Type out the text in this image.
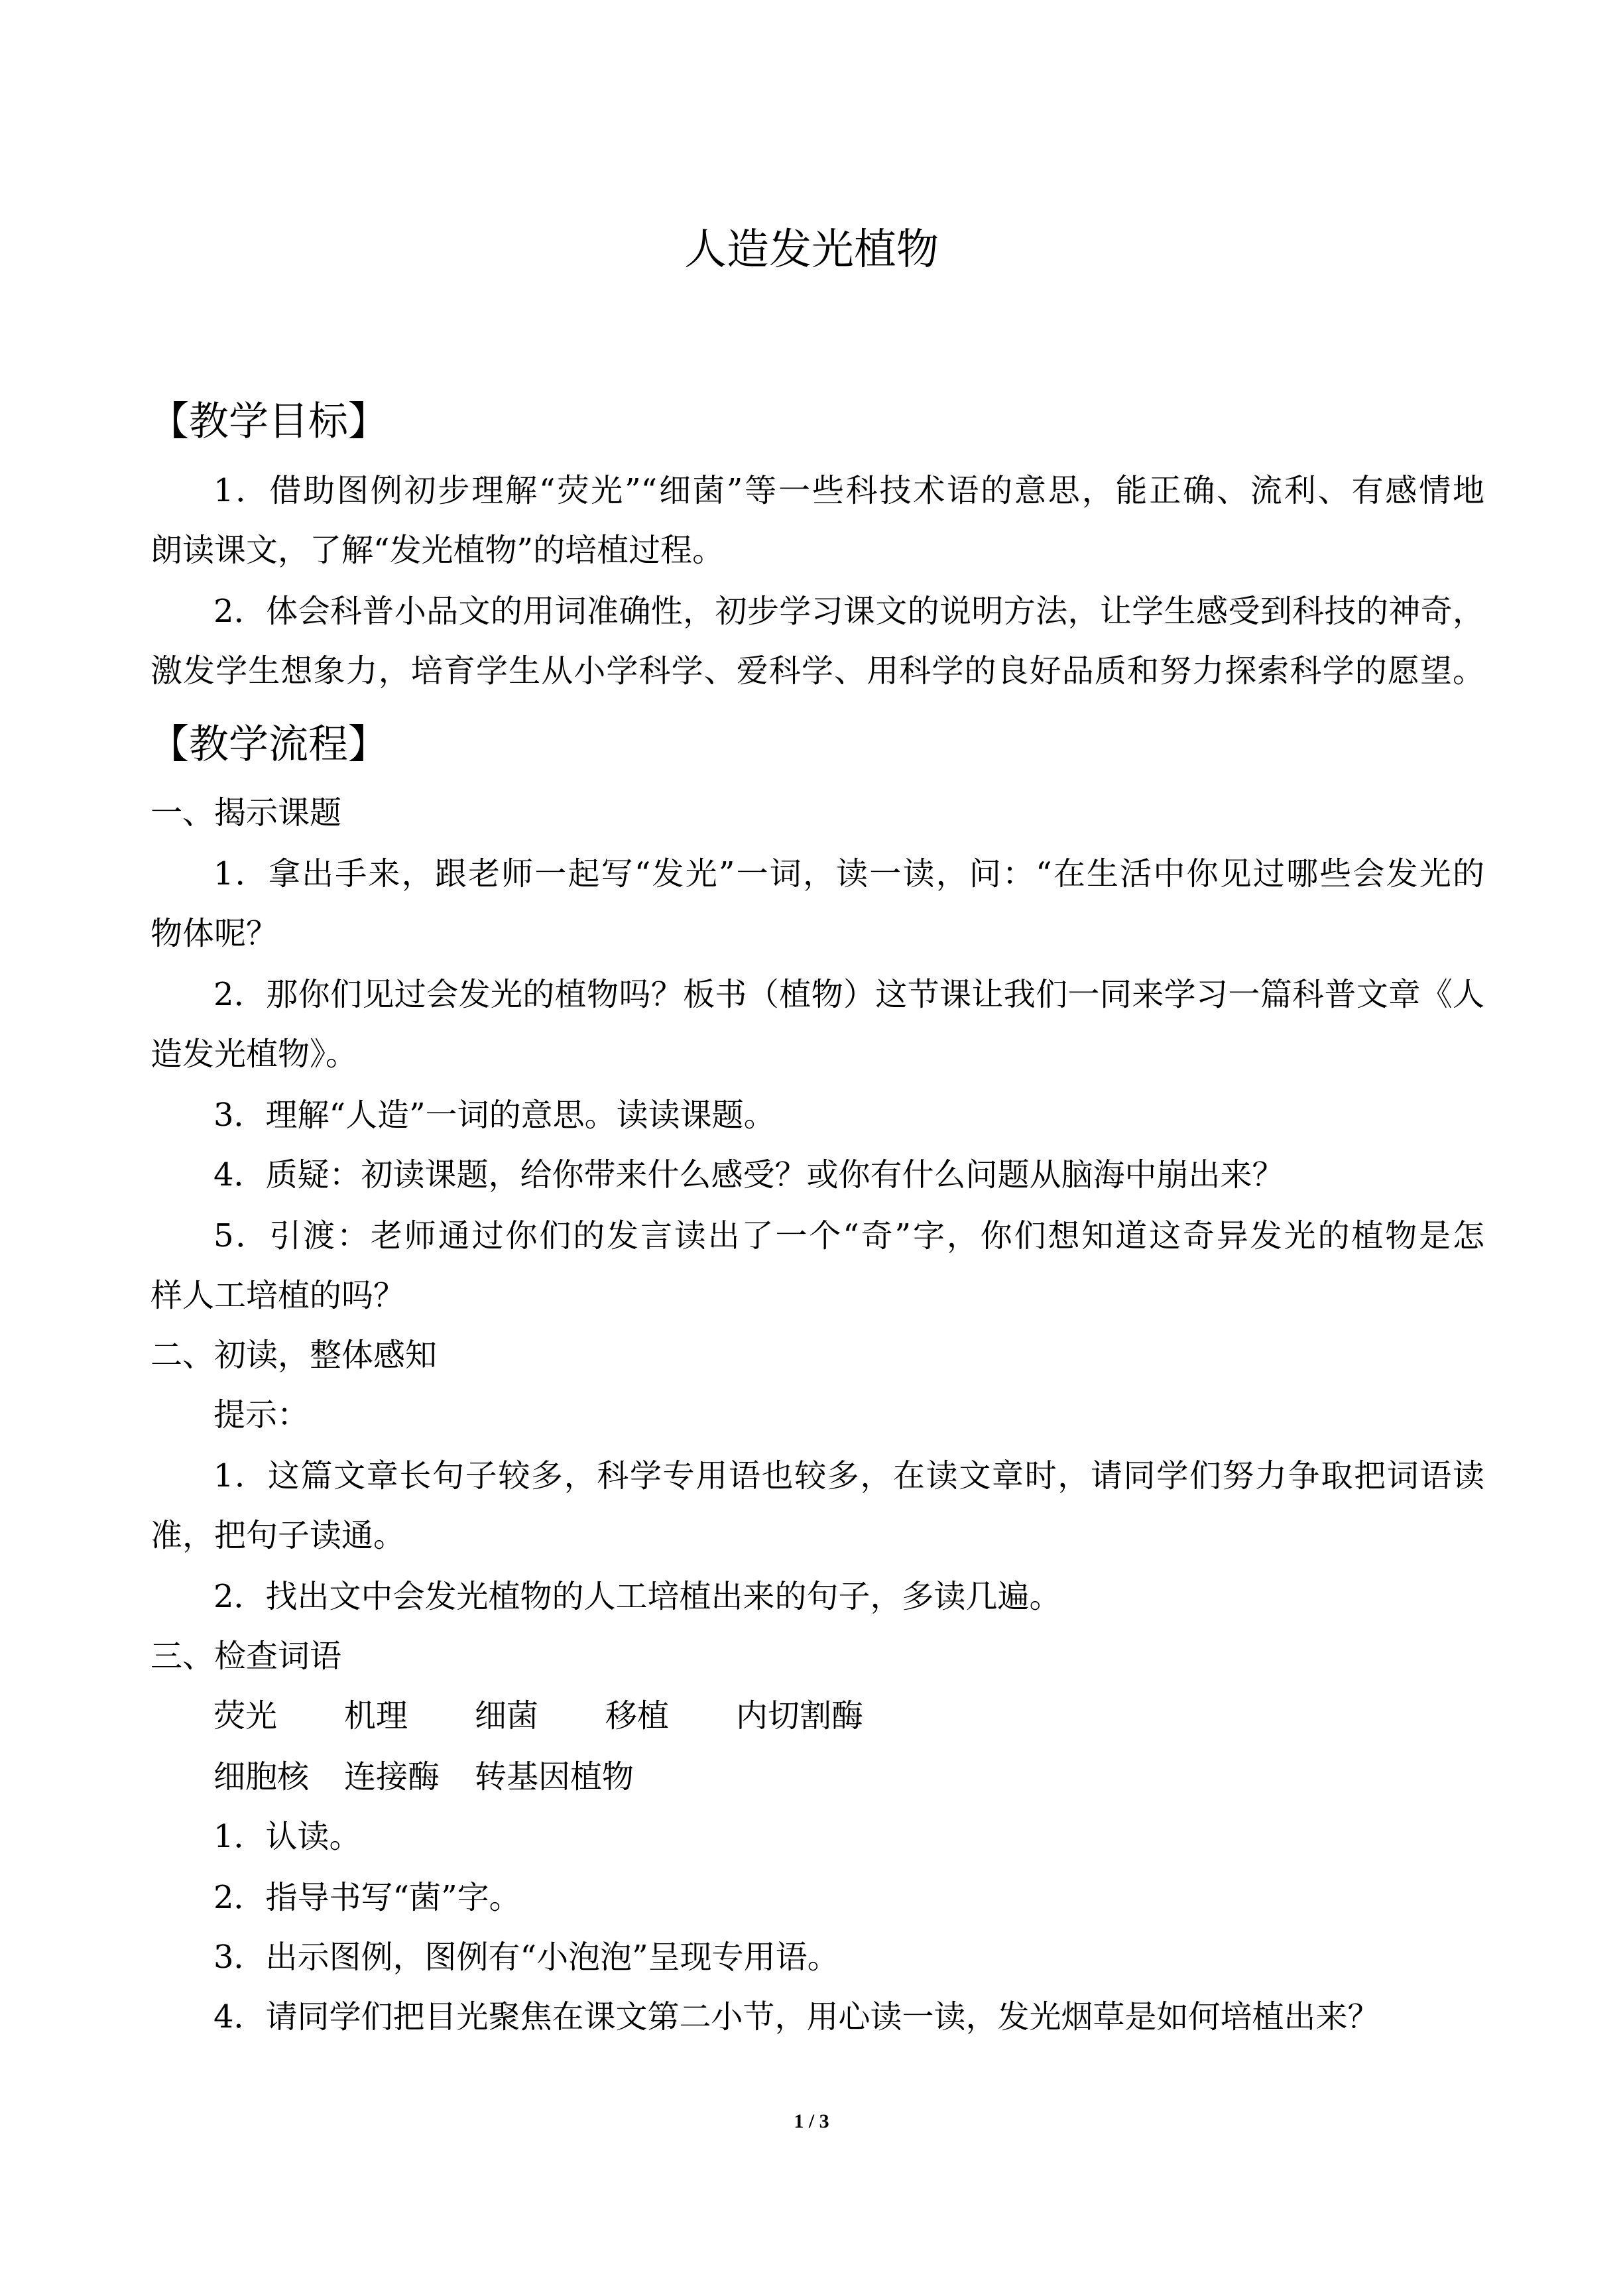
人造发光植物
【教学目标】
1．借助图例初步理解“荧光”“细菌”等一些科技术语的意思，能正确、流利、有感情地
朗读课文，了解“发光植物”的培植过程。
2．体会科普小品文的用词准确性，初步学习课文的说明方法，让学生感受到科技的神奇，
激发学生想象力，培育学生从小学科学、爱科学、用科学的良好品质和努力探索科学的愿望。
【教学流程】
一、揭示课题
1．拿出手来，跟老师一起写“发光”一词，读一读，问：“在生活中你见过哪些会发光的
物体呢？
2．那你们见过会发光的植物吗？板书（植物）这节课让我们一同来学习一篇科普文章《人
造发光植物》。
3．理解“人造”一词的意思。读读课题。
4．质疑：初读课题，给你带来什么感受？或你有什么问题从脑海中崩出来？
5．引渡：老师通过你们的发言读出了一个“奇”字，你们想知道这奇异发光的植物是怎
样人工培植的吗？
二、初读，整体感知
提示：
1．这篇文章长句子较多，科学专用语也较多，在读文章时，请同学们努力争取把词语读
准，把句子读通。
2．找出文中会发光植物的人工培植出来的句子，多读几遍。
三、检查词语
荧光 机理 细菌 移植 内切割酶
细胞核 连接酶 转基因植物
1．认读。
2．指导书写“菌”字。
3．出示图例，图例有“小泡泡”呈现专用语。
4．请同学们把目光聚焦在课文第二小节，用心读一读，发光烟草是如何培植出来？
1 / 3
